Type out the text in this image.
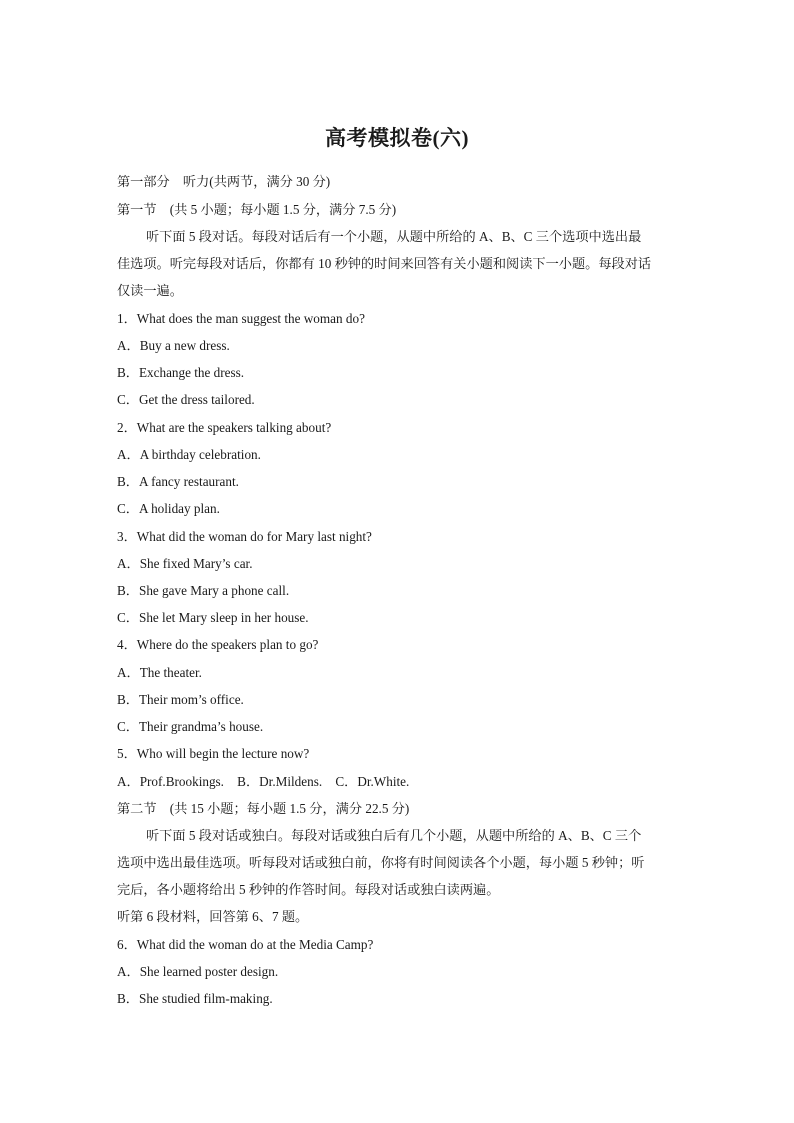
高考模拟卷(六)
第一部分　听力(共两节，满分 30 分)
第一节　(共 5 小题；每小题 1.5 分，满分 7.5 分)
听下面 5 段对话。每段对话后有一个小题，从题中所给的 A、B、C 三个选项中选出最
佳选项。听完每段对话后，你都有 10 秒钟的时间来回答有关小题和阅读下一小题。每段对话
仅读一遍。
1．What does the man suggest the woman do?
A．Buy a new dress.
B．Exchange the dress.
C．Get the dress tailored.
2．What are the speakers talking about?
A．A birthday celebration.
B．A fancy restaurant.
C．A holiday plan.
3．What did the woman do for Mary last night?
A．She fixed Mary’s car.
B．She gave Mary a phone call.
C．She let Mary sleep in her house.
4．Where do the speakers plan to go?
A．The theater.
B．Their mom’s office.
C．Their grandma’s house.
5．Who will begin the lecture now?
A．Prof.Brookings.　B．Dr.Mildens.　C．Dr.White.
第二节　(共 15 小题；每小题 1.5 分，满分 22.5 分)
听下面 5 段对话或独白。每段对话或独白后有几个小题，从题中所给的 A、B、C 三个
选项中选出最佳选项。听每段对话或独白前，你将有时间阅读各个小题，每小题 5 秒钟；听
完后，各小题将给出 5 秒钟的作答时间。每段对话或独白读两遍。
听第 6 段材料，回答第 6、7 题。
6．What did the woman do at the Media Camp?
A．She learned poster design.
B．She studied film-making.
